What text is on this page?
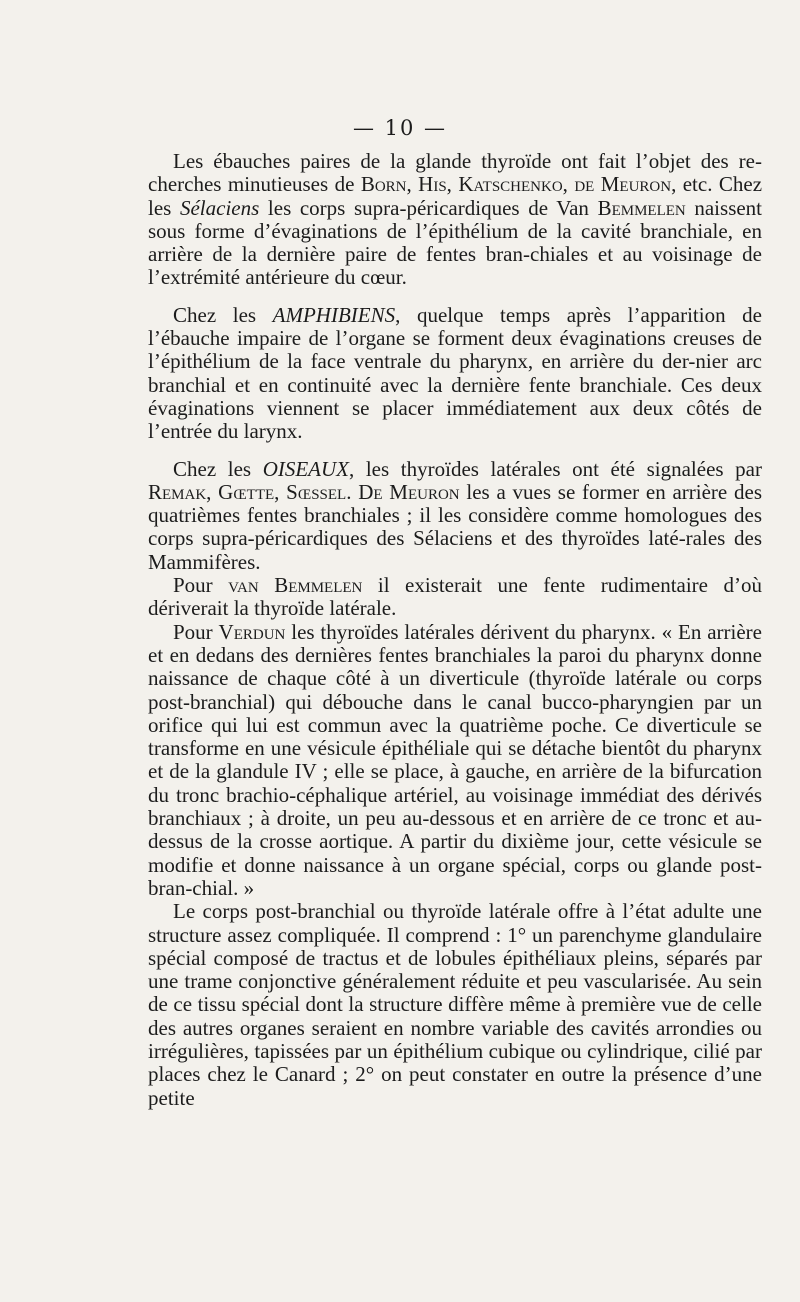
— 10 —

Les ébauches paires de la glande thyroïde ont fait l’objet des re-cherches minutieuses de Born, His, Katschenko, de Meuron, etc. Chez les Sélaciens les corps supra-péricardiques de Van Bemmelen naissent sous forme d’évaginations de l’épithélium de la cavité branchiale, en arrière de la dernière paire de fentes bran-chiales et au voisinage de l’extrémité antérieure du cœur.

Chez les AMPHIBIENS, quelque temps après l’apparition de l’ébauche impaire de l’organe se forment deux évaginations creuses de l’épithélium de la face ventrale du pharynx, en arrière du der-nier arc branchial et en continuité avec la dernière fente branchiale. Ces deux évaginations viennent se placer immédiatement aux deux côtés de l’entrée du larynx.

Chez les OISEAUX, les thyroïdes latérales ont été signalées par Remak, Gœtte, Sœssel. De Meuron les a vues se former en arrière des quatrièmes fentes branchiales ; il les considère comme homologues des corps supra-péricardiques des Sélaciens et des thyroïdes laté-rales des Mammifères.

Pour van Bemmelen il existerait une fente rudimentaire d’où dériverait la thyroïde latérale.

Pour Verdun les thyroïdes latérales dérivent du pharynx. « En arrière et en dedans des dernières fentes branchiales la paroi du pharynx donne naissance de chaque côté à un diverticule (thyroïde latérale ou corps post-branchial) qui débouche dans le canal bucco-pharyngien par un orifice qui lui est commun avec la quatrième poche. Ce diverticule se transforme en une vésicule épithéliale qui se détache bientôt du pharynx et de la glandule IV ; elle se place, à gauche, en arrière de la bifurcation du tronc brachio-céphalique artériel, au voisinage immédiat des dérivés branchiaux ; à droite, un peu au-dessous et en arrière de ce tronc et au-dessus de la crosse aortique. A partir du dixième jour, cette vésicule se modifie et donne naissance à un organe spécial, corps ou glande post-bran-chial. »

Le corps post-branchial ou thyroïde latérale offre à l’état adulte une structure assez compliquée. Il comprend : 1° un parenchyme glandulaire spécial composé de tractus et de lobules épithéliaux pleins, séparés par une trame conjonctive généralement réduite et peu vascularisée. Au sein de ce tissu spécial dont la structure diffère même à première vue de celle des autres organes seraient en nombre variable des cavités arrondies ou irrégulières, tapissées par un épithélium cubique ou cylindrique, cilié par places chez le Canard ; 2° on peut constater en outre la présence d’une petite
